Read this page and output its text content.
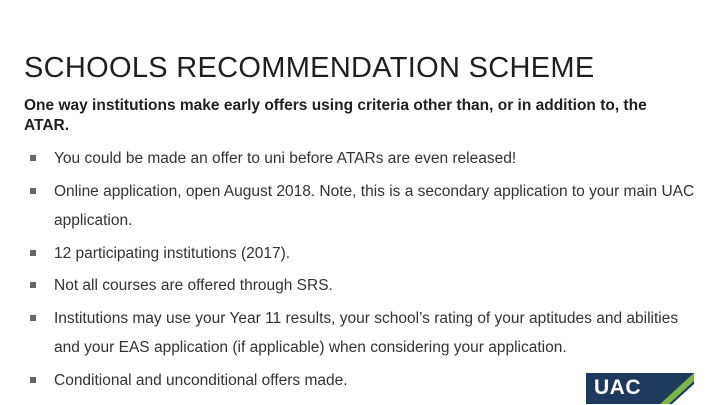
SCHOOLS RECOMMENDATION SCHEME
One way institutions make early offers using criteria other than, or in addition to, the ATAR.
You could be made an offer to uni before ATARs are even released!
Online application, open August 2018. Note, this is a secondary application to your main UAC application.
12 participating institutions (2017).
Not all courses are offered through SRS.
Institutions may use your Year 11 results, your school’s rating of your aptitudes and abilities and your EAS application (if applicable) when considering your application.
Conditional and unconditional offers made.	UAC
